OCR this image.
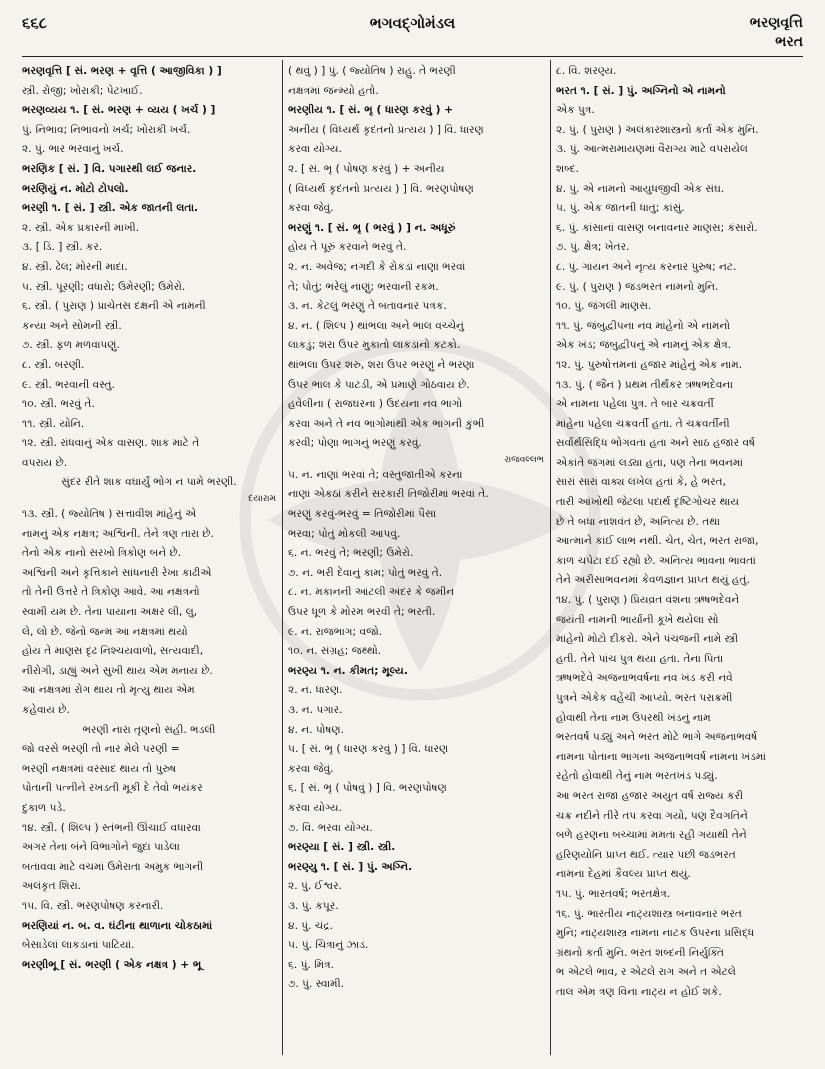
૬૬૮	ભગવદ્ગોમંડલ	ભરણવૃત્તિ
ભરત
ભરણવૃત્તિ [ સં. ભરણ + વૃત્તિ ( આજીવિકા ) ]
સ્ત્રી. રોજી; ખોરાકી; પેટખાઈ.
ભરણવ્યય ૧. [ સં. ભરણ + વ્યય ( ખર્ચ ) ]
પું. નિભાવ; નિભાવનો ખર્ચ; ખોરાકી ખર્ચ.
૨. પું. ભાર ભરવાનું ખર્ચ.
ભરણિક [ સં. ] વિ. પગારથી લઈ જનાર.
ભરણિયું ન. મોટો ટોપલો.
ભરણી ૧. [ સં. ] સ્ત્રી. એક જાતની લતા.
૨. સ્ત્રી. એક પ્રકારની માખી.
૩. [ ડિં. ] સ્ત્રી. કર.
૪. સ્ત્રી. ઢેલ; મોરની માદા.
૫. સ્ત્રી. પૂરણી; વધારો; ઉમેરણી; ઉમેરો.
૬. સ્ત્રી. ( પુરાણ ) પ્રાચેતસ દક્ષની એ નામની
કન્યા અને સોમની સ્ત્રી.
૭. સ્ત્રી. ફળ મળવાપણું.
૮. સ્ત્રી. બરણી.
૯. સ્ત્રી. ભરવાની વસ્તુ.
૧૦. સ્ત્રી. ભરવું તે.
૧૧. સ્ત્રી. યોનિ.
૧૨. સ્ત્રી. રાંધવાનું એક વાસણ. શાક માટે તે
વપરાય છે.
સુંદર રીતે શાક વઘાર્યું ભોગ ન પામે ભરણી.
દયારામ
૧૩. સ્ત્રી. ( જ્યોતિષ ) સત્તાવીશ માંહેનું એ
નામનું એક નક્ષત્ર; અશ્વિની. તેને ત્રણ તારા છે.
તેનો એક નાનો સરખો ત્રિકોણ બને છે.
અશ્વિની અને કૃત્તિકાને સાંધનારી રેખા કાઢીએ
તો તેની ઉત્તરે તે ત્રિકોણ આવે. આ નક્ષત્રનો
સ્વામી યમ છે. તેના પાયાના અક્ષર લી, લુ,
લે, લો છે. જેનો જન્મ આ નક્ષત્રમાં થયો
હોય તે માણસ દૃઢ નિશ્ચયવાળો, સત્યવાદી,
નીરોગી, ડાહ્યું અને સુખી થાય એમ મનાય છે.
આ નક્ષત્રમાં રોગ થાય તો મૃત્યુ થાય એમ
કહેવાય છે.
ભરણી નારા તૃણનો સહી. ભડલી
જો વરસે ભરણી તો નાર મેલે પરણી =
ભરણી નક્ષત્રમાં વરસાદ થાય તો પુરુષ
પોતાની પત્નીને રખડતી મૂકી દે તેવો ભયંકર
દુકાળ પડે.
૧૪. સ્ત્રી. ( શિલ્પ ) સ્તંભની ઊંચાઈ વધારવા
અગર તેના બંને વિભાગોને જુદા પાડેલા
બતાવવા માટે વચમાં ઉમેરાતા અમુક ભાગની
અલંકૃત શિરા.
૧૫. વિ. સ્ત્રી. ભરણપોષણ કરનારી.
ભરણિયાં ન. બ. વ. ઘંટીના થાળાના ચોકઠામાં
બેસાડેલાં લાકડાનાં પાટિયાં.
ભરણીભૂ [ સં. ભરણી ( એક નક્ષત્ર ) + ભૂ
( થવું ) ] પું. ( જ્યોતિષ ) રાહુ. તે ભરણી
નક્ષત્રમાં જન્મ્યો હતો.
ભરણીય ૧. [ સં. ભૃ ( ધારણ કરવું ) +
અનીય ( વિધ્યર્થ કૃદંતનો પ્રત્યય ) ] વિ. ધારણ
કરવા યોગ્ય.
૨. [ સં. ભૃ ( પોષણ કરવું ) + અનીય
( વિધ્યર્થ કૃદંતનો પ્રત્યય ) ] વિ. ભરણપોષણ
કરવા જેવું.
ભરણું ૧. [ સં. ભૃ ( ભરવું ) ] ન. અધૂરું
હોય તે પૂરું કરવાને ભરવું તે.
૨. ન. અવેજ; નગદી કે રોકડાં નાણાં ભરવાં
તે; પોતું; ભરેલું નાણું; ભરવાની રકમ.
૩. ન. કેટલું ભરણું તે બતાવનાર પત્રક.
૪. ન. ( શિલ્પ ) થાંભલા અને ભાલ વચ્ચેનું
લાકડું; શરા ઉપર મુકાતો લાકડાનો કટકો.
થાંભલા ઉપર શરુ, શરા ઉપર ભરણું ને ભરણા
ઉપર ભાલ કે પાટડી, એ પ્રમાણે ગોઠવાય છે.
હવેલીના ( રાજઘરના ) ઉદયના નવ ભાગો
કરવા અને તે નવ ભાગોમાંથી એક ભાગની કુંભી
કરવી; પોણા ભાગનું ભરણું કરવું.
રાજવલ્લભ
૫. ન. નાણાં ભરવાં તે; વસ્તુજાતીએ કરનાં
નાણાં એકઠાં કરીને સરકારી તિજોરીમાં ભરવાં તે.
ભરણું કરવું-ભરવું = તિજોરીમાં પૈસા
ભરવા; પોતું મોકલી આપવું.
૬. ન. ભરવું તે; ભરણી; ઉમેરો.
૭. ન. ભરી દેવાનું કામ; પોતું ભરવું તે.
૮. ન. મકાનની આંટલી અંદર કે જમીન
ઉપર ધૂળ કે મોરમ ભરવી તે; ભરતી.
૯. ન. રાજભાગ; વજો.
૧૦. ન. સંગ્રહ; જથ્થો.
ભરણ્ય ૧. ન. કીમત; મૂલ્ય.
૨. ન. ધારણ.
૩. ન. પગાર.
૪. ન. પોષણ.
૫. [ સં. ભૃ ( ધારણ કરવું ) ] વિ. ધારણ
કરવા જેવું.
૬. [ સં. ભૃ ( પોષવું ) ] વિ. ભરણપોષણ
કરવા યોગ્ય.
૭. વિ. ભરવા યોગ્ય.
ભરણ્યા [ સં. ] સ્ત્રી. સ્ત્રી.
ભરણ્યુ ૧. [ સં. ] પું. અગ્નિ.
૨. પું. ઈશ્વર.
૩. પું. કપૂર.
૪. પું. ચંદ્ર.
૫. પું. ચિત્રાનું ઝાડ.
૬. પું. મિત્ર.
૭. પું. સ્વામી.
૮. વિ. શરણ્ય.
ભરત ૧. [ સં. ] પું. અગ્નિનો એ નામનો
એક પુત્ર.
૨. પું. ( પુરાણ ) અલંકારશાસ્ત્રનો કર્તા એક મુનિ.
૩. પું. આત્મરામાયણમાં વૈરાગ્ય માટે વપરાયેલ
શબ્દ.
૪. પું. એ નામનો આયુધજીવી એક સંઘ.
૫. પું. એક જાતની ધાતુ; કાંસું.
૬. પું. કાંસાનાં વાસણ બનાવનાર માણસ; કંસારો.
૭. પું. ક્ષેત્ર; ખેતર.
૮. પું. ગાયન અને નૃત્ય કરનાર પુરુષ; નટ.
૯. પું. ( પુરાણ ) જડભરત નામનો મુનિ.
૧૦. પું. જંગલી માણસ.
૧૧. પું. જંબુદ્વીપના નવ માંહેનો એ નામનો
એક ખંડ; જંબુદ્વીપનું એ નામનું એક ક્ષેત્ર.
૧૨. પું. પુરુષોત્તમનાં હજાર માંહેનું એક નામ.
૧૩. પું. ( જૈન ) પ્રથમ તીર્થંકર ઋષભદેવના
એ નામના પહેલા પુત્ર. તે બાર ચક્રવર્તી
માંહેના પહેલા ચક્રવર્તી હતા. તે ચક્રવર્તીની
સર્વાર્થસિદ્ધિ ભોગવતા હતા અને સાઠ હજાર વર્ષ
એકાંતે જંગમાં લડ્યા હતા, પણ તેના ભવનમાં
સારાં સારાં વાક્ય લખેલ હતાં કે, હે ભરત,
તારી આંખોથી જેટલા પદાર્થ દૃષ્ટિગોચર થાય
છે તે બધા નાશવંત છે, અનિત્ય છે. તથા
આત્માને કાંઈ લાભ નથી. ચેત, ચેત, ભરત રાજા,
કાળ ચપેટા દઈ રહ્યો છે. અનિત્ય ભાવના ભાવતાં
તેને અરીસાભવનમાં કેવળજ્ઞાન પ્રાપ્ત થયું હતું.
૧૪. પું. ( પુરાણ ) પ્રિયવ્રત વંશના ઋષભદેવને
જયંતી નામની ભાર્યાની કૂખે થયેલા સો
માંહેનો મોટો દીકરો. એને પંચજની નામે સ્ત્રી
હતી. તેને પાંચ પુત્ર થયા હતા. તેના પિતા
ઋષભદેવે અજનાભવર્ષના નવ ખંડ કરી નવે
પુત્રને એકેક વહેંચી આપ્યો. ભરત પરાક્રમી
હોવાથી તેના નામ ઉપરથી ખંડનું નામ
ભરતવર્ષ પડ્યું અને ભરત મોટે ભાગે અજનાભવર્ષ
નામના પોતાના ભાગના અજનાભવર્ષ નામના ખંડમાં
રહેતો હોવાથી તેનું નામ ભરતખંડ પડ્યું.
આ ભરત રાજા હજાર અયુત વર્ષ રાજ્ય કરી
ચક્ર નદીને તીરે તપ કરવા ગયો, પણ દૈવગતિને
બળે હરણના બચ્ચામાં મમતા રહી ગયાથી તેને
હરિણયોનિ પ્રાપ્ત થઈ. ત્યાર પછી જડભરત
નામના દેહમાં કૈવલ્ય પ્રાપ્ત થયું.
૧૫. પું. ભારતવર્ષ; ભરતક્ષેત્ર.
૧૬. પું. ભારતીય નાટ્યશાસ્ત્ર બનાવનાર ભરત
મુનિ; નાટ્યશાસ્ત્ર નામના નાટક ઉપરના પ્રસિદ્ધ
ગ્રંથનો કર્તા મુનિ. ભરત શબ્દની નિર્યુક્તિ
ભ એટલે ભાવ, ર એટલે રાગ અને ત એટલે
તાલ એમ ત્રણ વિના નાટ્ય ન હોઈ શકે.
